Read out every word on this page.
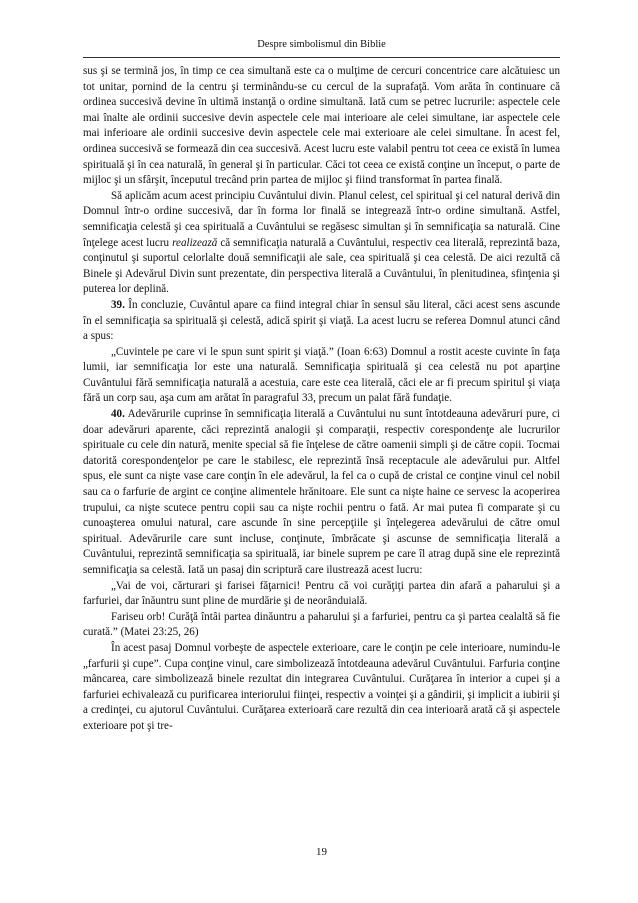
Despre simbolismul din Biblie

sus şi se termină jos, în timp ce cea simultană este ca o mulţime de cercuri concentrice care alcătuiesc un tot unitar, pornind de la centru şi terminându-se cu cercul de la suprafaţă. Vom arăta în continuare că ordinea succesivă devine în ultimă instanţă o ordine simultană. Iată cum se petrec lucrurile: aspectele cele mai înalte ale ordinii succesive devin aspectele cele mai interioare ale celei simultane, iar aspectele cele mai inferioare ale ordinii succesive devin aspectele cele mai exterioare ale celei simultane. În acest fel, ordinea succesivă se formează din cea succesivă. Acest lucru este valabil pentru tot ceea ce există în lumea spirituală şi în cea naturală, în general şi în particular. Căci tot ceea ce există conţine un început, o parte de mijloc şi un sfârşit, începutul trecând prin partea de mijloc şi fiind transformat în partea finală.

Să aplicăm acum acest principiu Cuvântului divin. Planul celest, cel spiritual şi cel natural derivă din Domnul într-o ordine succesivă, dar în forma lor finală se integrează într-o ordine simultană. Astfel, semnificaţia celestă şi cea spirituală a Cuvântului se regăsesc simultan şi în semnificaţia sa naturală. Cine înţelege acest lucru realizează că semnificaţia naturală a Cuvântului, respectiv cea literală, reprezintă baza, conţinutul şi suportul celorlalte două semnificaţii ale sale, cea spirituală şi cea celestă. De aici rezultă că Binele şi Adevărul Divin sunt prezentate, din perspectiva literală a Cuvântului, în plenitudinea, sfinţenia şi puterea lor deplină.

39. În concluzie, Cuvântul apare ca fiind integral chiar în sensul său literal, căci acest sens ascunde în el semnificaţia sa spirituală şi celestă, adică spirit şi viaţă. La acest lucru se referea Domnul atunci când a spus:

„Cuvintele pe care vi le spun sunt spirit şi viaţă.” (Ioan 6:63) Domnul a rostit aceste cuvinte în faţa lumii, iar semnificaţia lor este una naturală. Semnificaţia spirituală şi cea celestă nu pot aparţine Cuvântului fără semnificaţia naturală a acestuia, care este cea literală, căci ele ar fi precum spiritul şi viaţa fără un corp sau, aşa cum am arătat în paragraful 33, precum un palat fără fundaţie.

40. Adevărurile cuprinse în semnificaţia literală a Cuvântului nu sunt întotdeauna adevăruri pure, ci doar adevăruri aparente, căci reprezintă analogii şi comparaţii, respectiv corespondenţe ale lucrurilor spirituale cu cele din natură, menite special să fie înţelese de către oamenii simpli şi de către copii. Tocmai datorită corespondenţelor pe care le stabilesc, ele reprezintă însă receptacule ale adevărului pur. Altfel spus, ele sunt ca nişte vase care conţin în ele adevărul, la fel ca o cupă de cristal ce conţine vinul cel nobil sau ca o farfurie de argint ce conţine alimentele hrănitoare. Ele sunt ca nişte haine ce servesc la acoperirea trupului, ca nişte scutece pentru copii sau ca nişte rochii pentru o fată. Ar mai putea fi comparate şi cu cunoaşterea omului natural, care ascunde în sine percepţiile şi înţelegerea adevărului de către omul spiritual. Adevărurile care sunt incluse, conţinute, îmbrăcate şi ascunse de semnificaţia literală a Cuvântului, reprezintă semnificaţia sa spirituală, iar binele suprem pe care îl atrag după sine ele reprezintă semnificaţia sa celestă. Iată un pasaj din scriptură care ilustrează acest lucru:

„Vai de voi, cărturari şi farisei făţarnici! Pentru că voi curăţiţi partea din afară a paharului şi a farfuriei, dar înăuntru sunt pline de murdărie şi de neorânduială.

Fariseu orb! Curăţă întâi partea dinăuntru a paharului şi a farfuriei, pentru ca şi partea cealaltă să fie curată.” (Matei 23:25, 26)

În acest pasaj Domnul vorbeşte de aspectele exterioare, care le conţin pe cele interioare, numindu-le „farfurii şi cupe”. Cupa conţine vinul, care simbolizează întotdeauna adevărul Cuvântului. Farfuria conţine mâncarea, care simbolizează binele rezultat din integrarea Cuvântului. Curăţarea în interior a cupei şi a farfuriei echivalează cu purificarea interiorului fiinţei, respectiv a voinţei şi a gândirii, şi implicit a iubirii şi a credinţei, cu ajutorul Cuvântului. Curăţarea exterioară care rezultă din cea interioară arată că şi aspectele exterioare pot şi tre-

19
